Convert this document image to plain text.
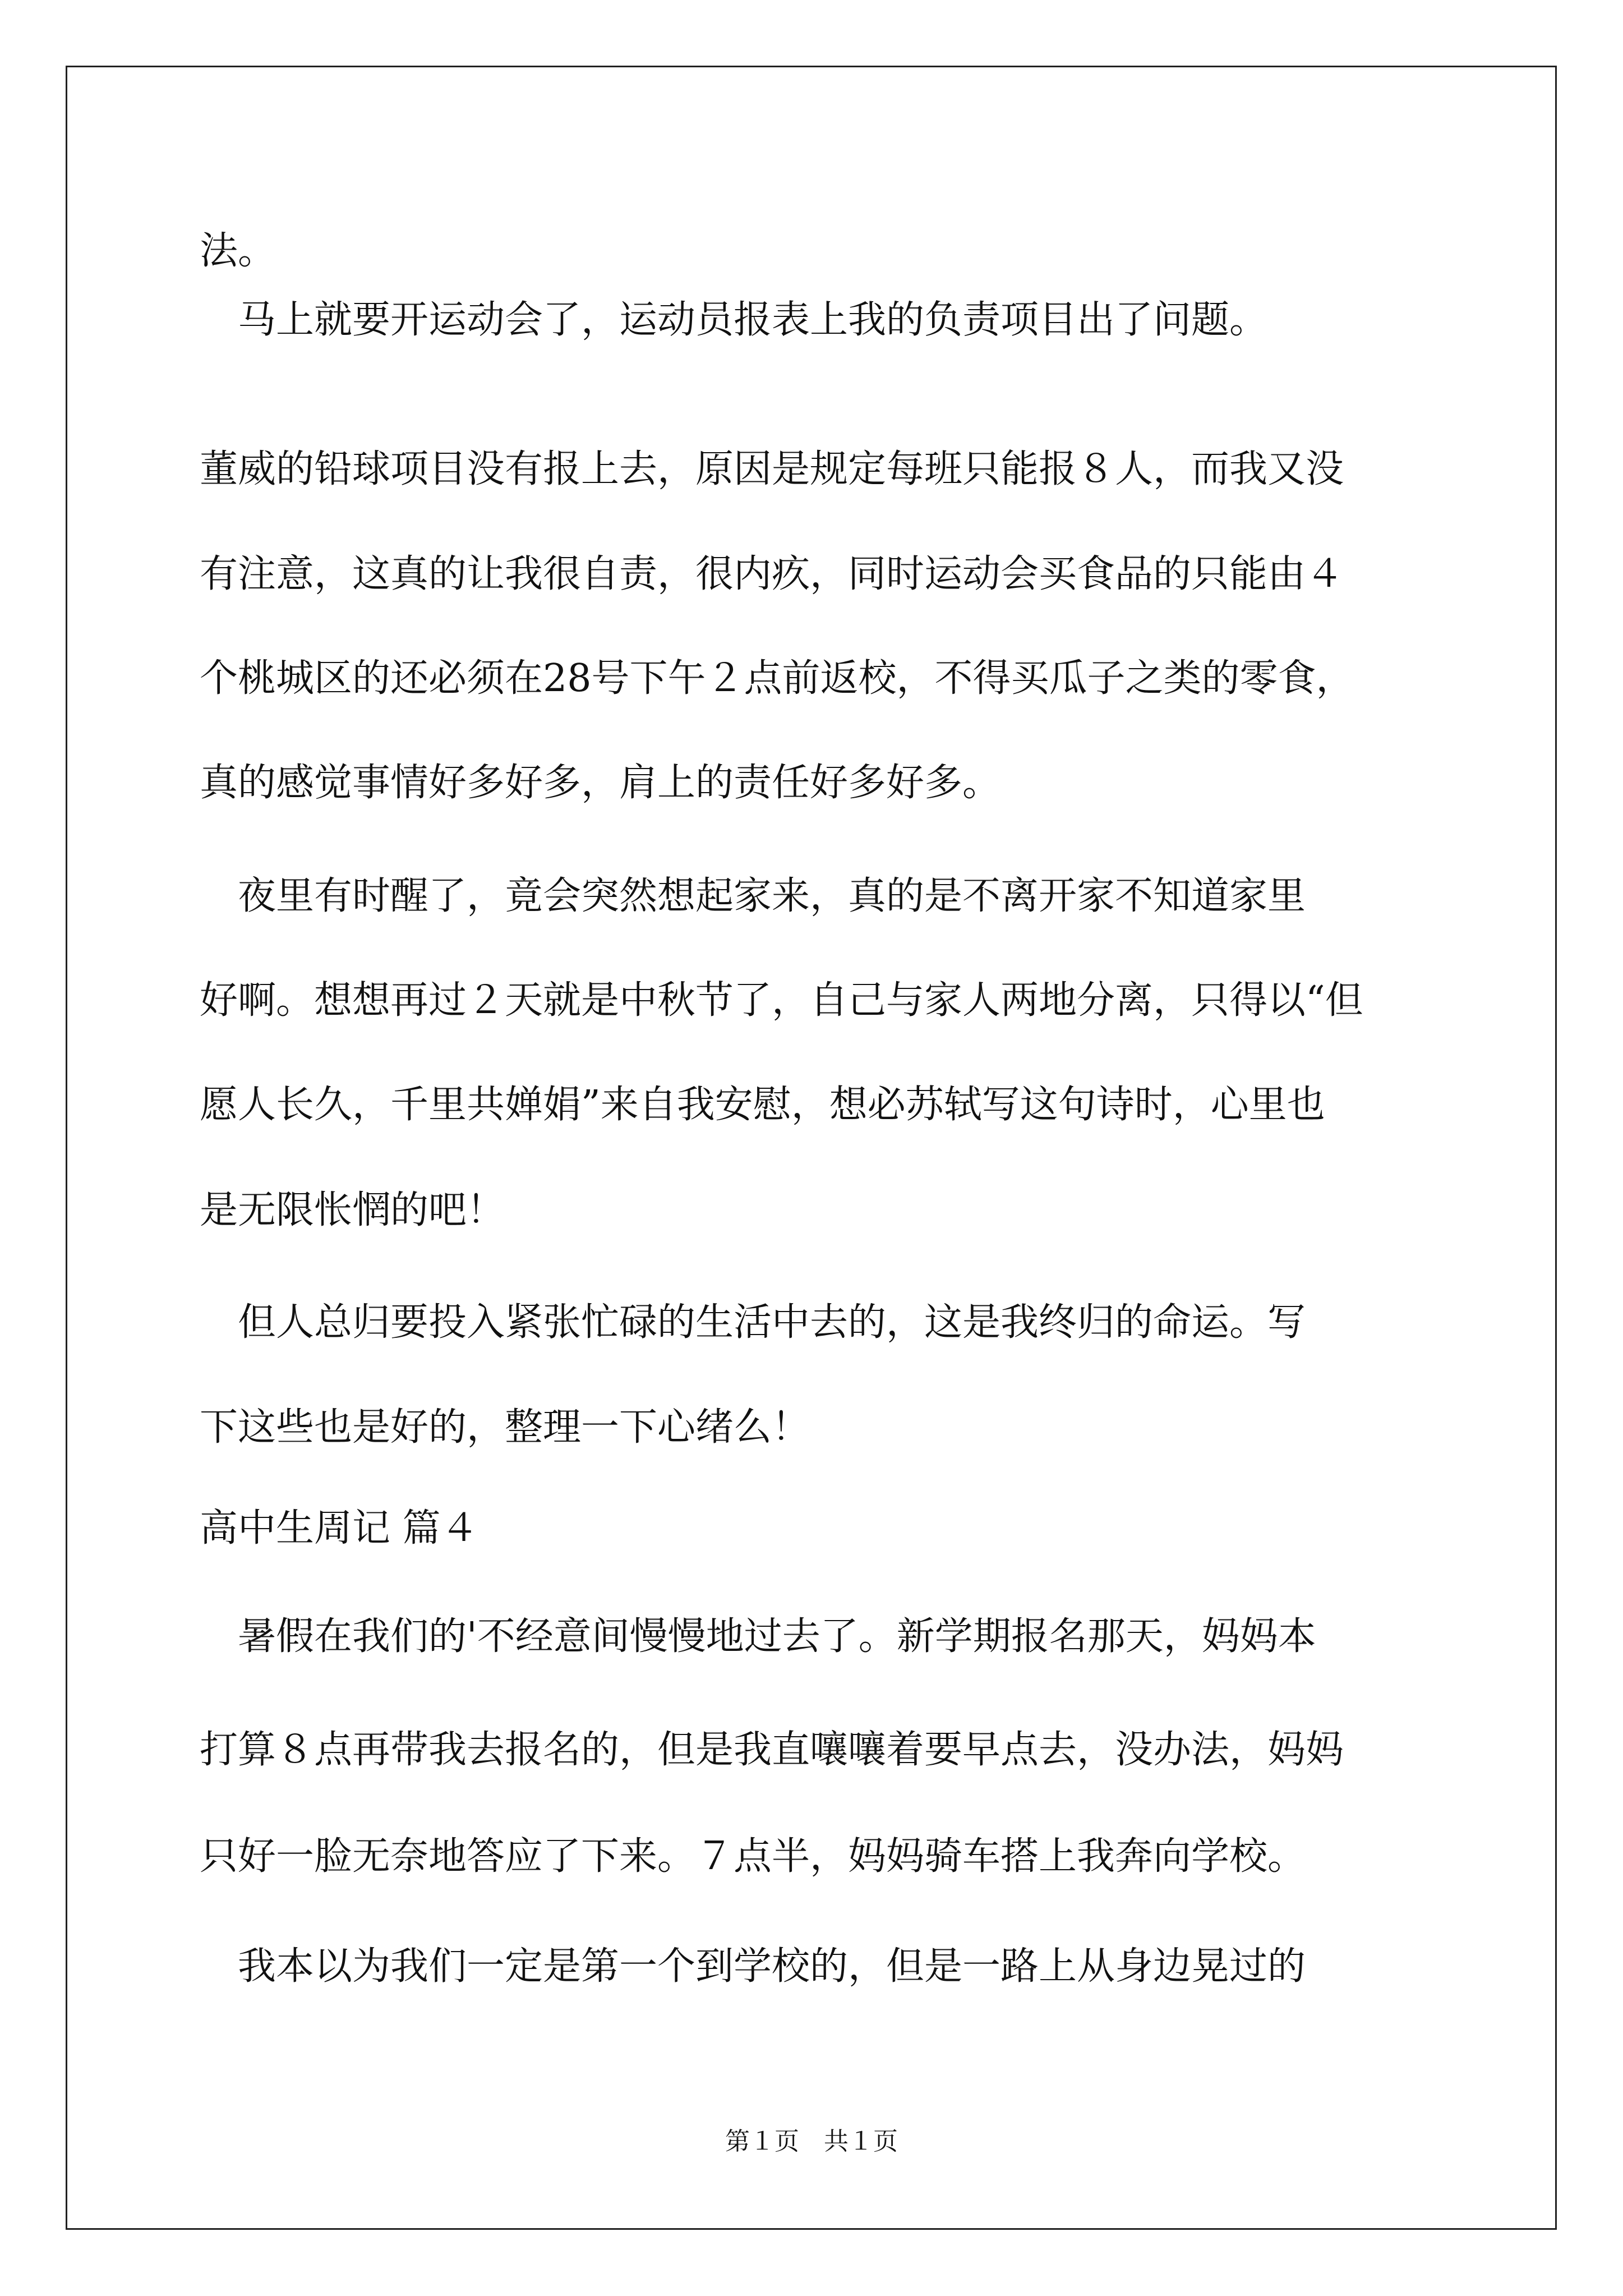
法。
　马上就要开运动会了，运动员报表上我的负责项目出了问题。
董威的铅球项目没有报上去，原因是规定每班只能报８人，而我又没
有注意，这真的让我很自责，很内疚，同时运动会买食品的只能由４
个桃城区的还必须在28号下午２点前返校，不得买瓜子之类的零食，
真的感觉事情好多好多，肩上的责任好多好多。
　夜里有时醒了，竟会突然想起家来，真的是不离开家不知道家里
好啊。想想再过２天就是中秋节了，自己与家人两地分离，只得以“但
愿人长久，千里共婵娟”来自我安慰，想必苏轼写这句诗时，心里也
是无限怅惘的吧！
　但人总归要投入紧张忙碌的生活中去的，这是我终归的命运。写
下这些也是好的，整理一下心绪么！
高中生周记 篇４
　暑假在我们的'不经意间慢慢地过去了。新学期报名那天，妈妈本
打算８点再带我去报名的，但是我直嚷嚷着要早点去，没办法，妈妈
只好一脸无奈地答应了下来。７点半，妈妈骑车搭上我奔向学校。
　我本以为我们一定是第一个到学校的，但是一路上从身边晃过的
第１页　共１页
